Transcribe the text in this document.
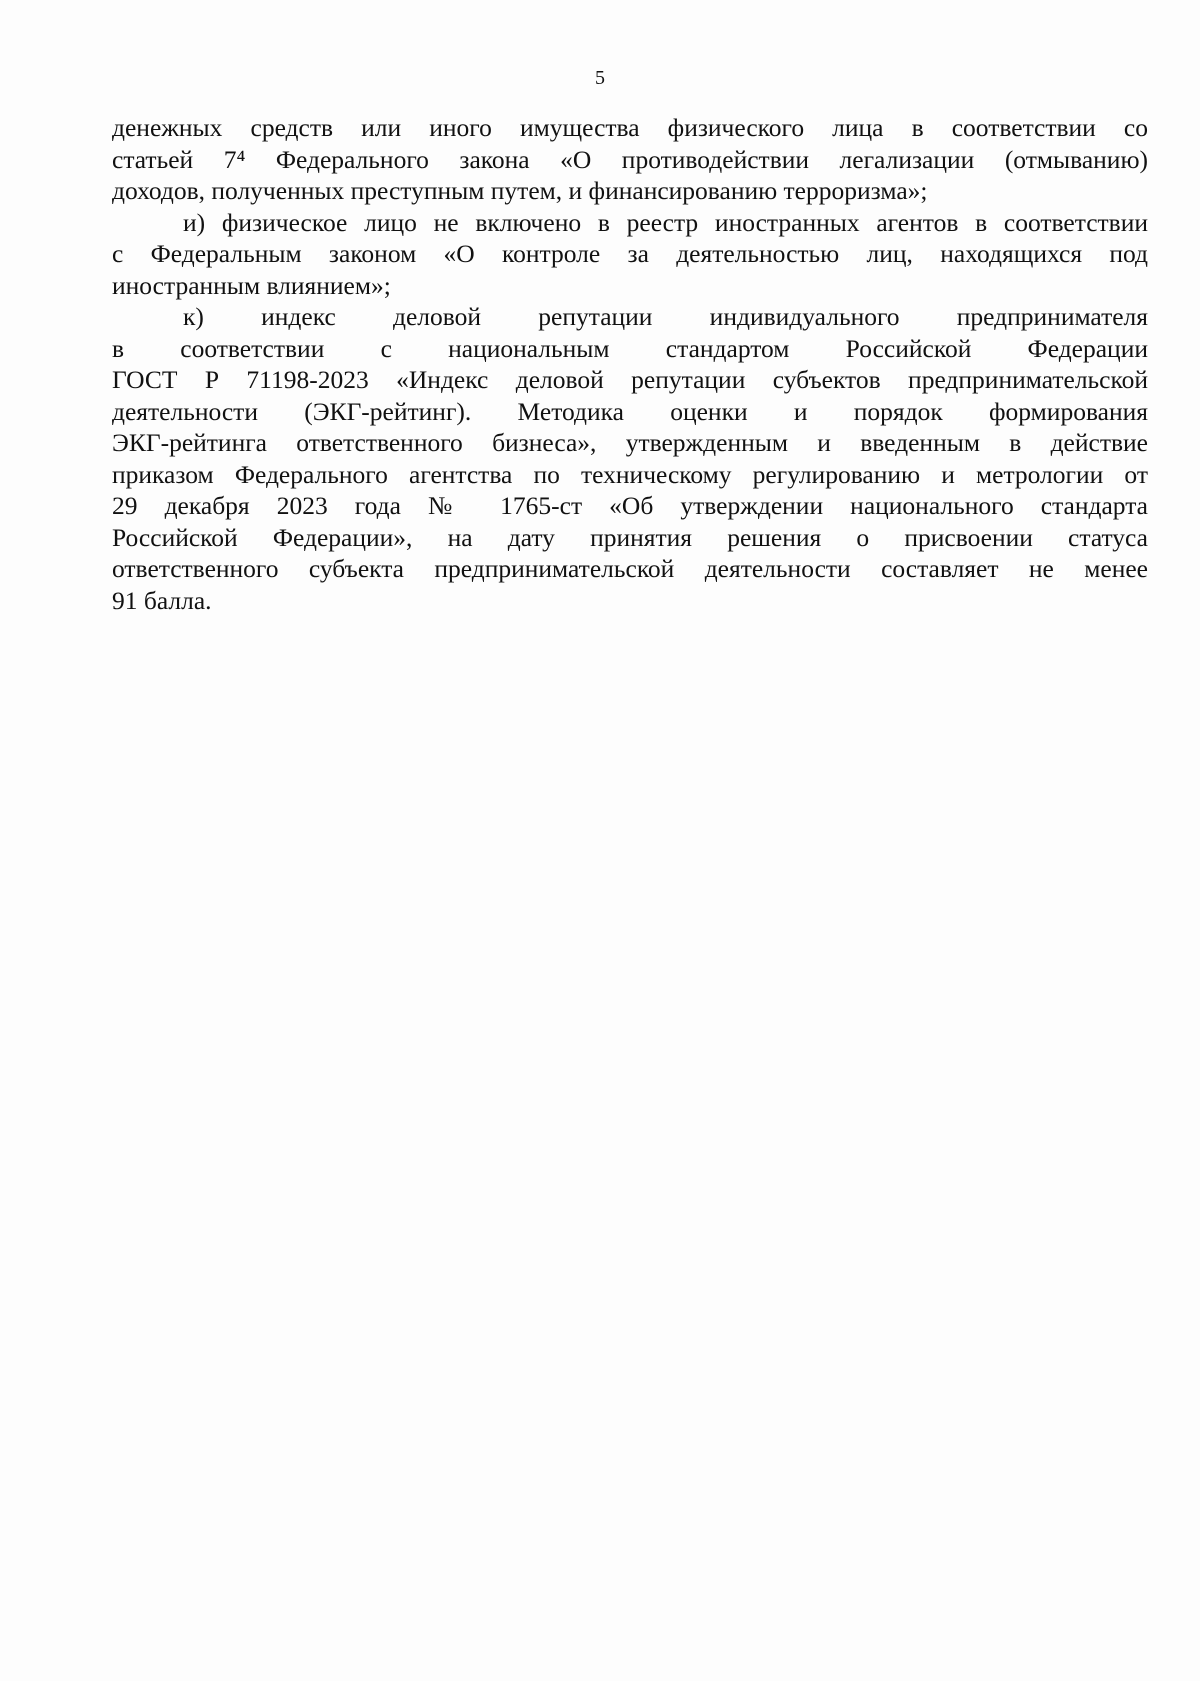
5
денежных средств или иного имущества физического лица в соответствии со
статьей 7⁴ Федерального закона «О противодействии легализации (отмыванию)
доходов, полученных преступным путем, и финансированию терроризма»;
и) физическое лицо не включено в реестр иностранных агентов в соответствии
с Федеральным законом «О контроле за деятельностью лиц, находящихся под
иностранным влиянием»;
к) индекс деловой репутации индивидуального предпринимателя
в соответствии с национальным стандартом Российской Федерации
ГОСТ Р 71198-2023 «Индекс деловой репутации субъектов предпринимательской
деятельности (ЭКГ-рейтинг). Методика оценки и порядок формирования
ЭКГ-рейтинга ответственного бизнеса», утвержденным и введенным в действие
приказом Федерального агентства по техническому регулированию и метрологии от
29 декабря 2023 года № 1765-ст «Об утверждении национального стандарта
Российской Федерации», на дату принятия решения о присвоении статуса
ответственного субъекта предпринимательской деятельности составляет не менее
91 балла.
